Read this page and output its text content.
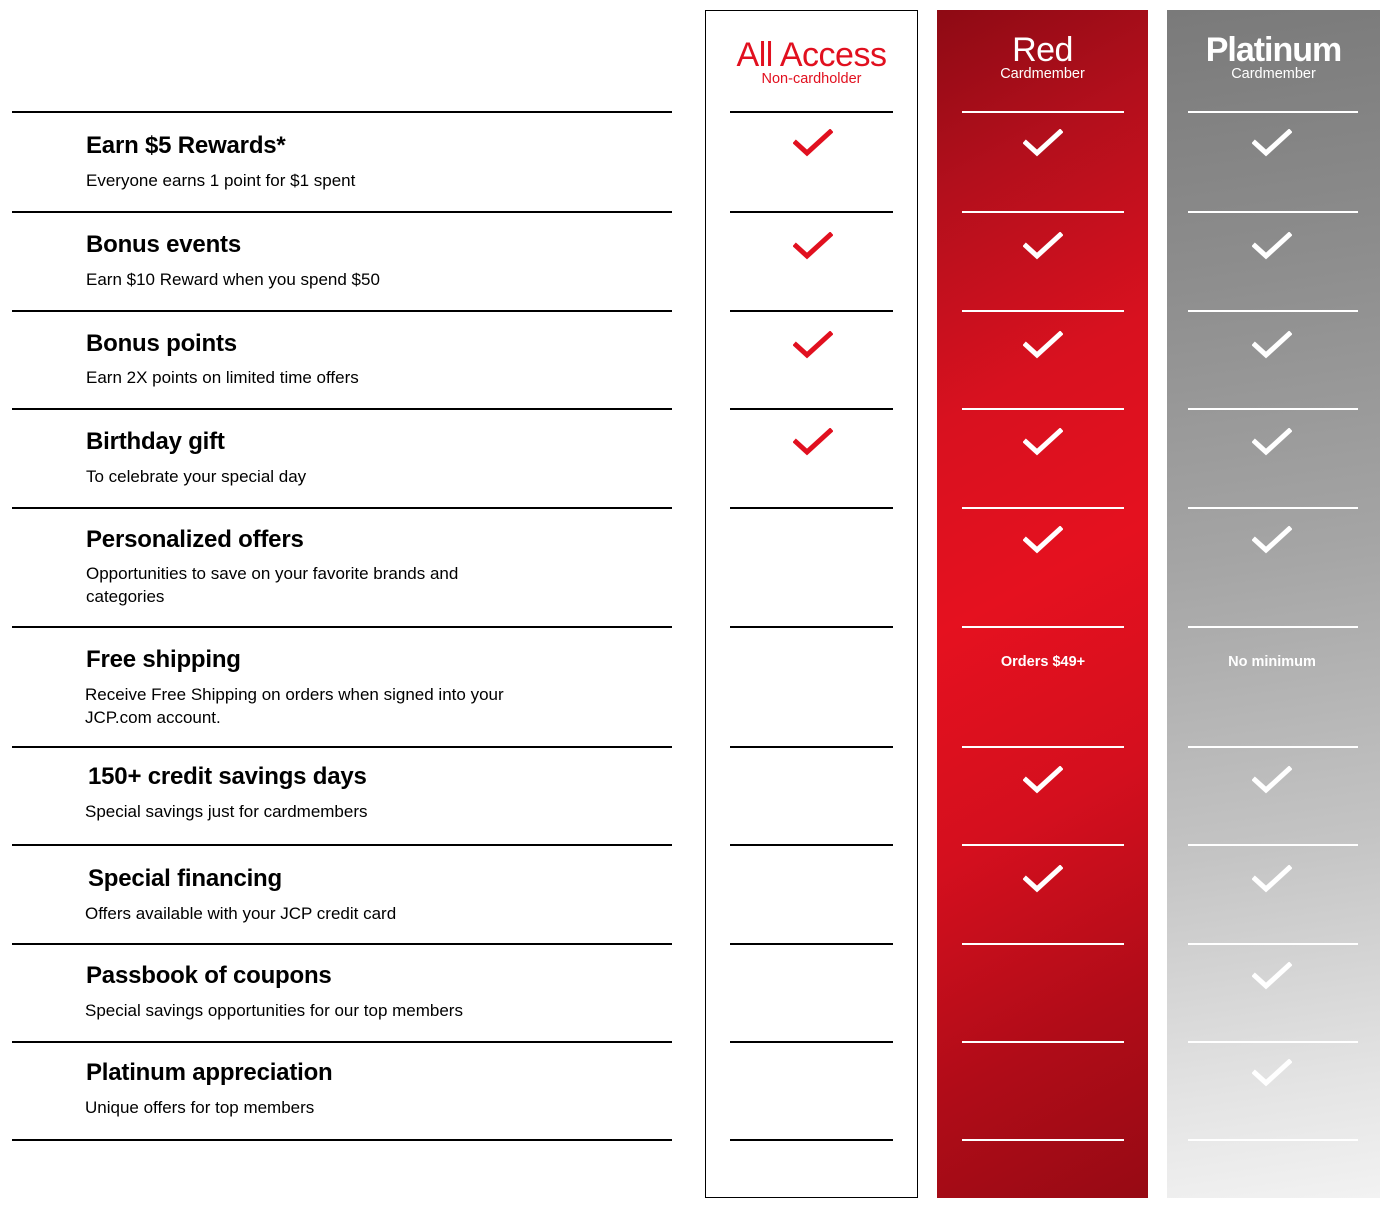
All Access
Non-cardholder
Red
Cardmember
Platinum
Cardmember
Earn $5 Rewards*
Everyone earns 1 point for $1 spent
Bonus events
Earn $10 Reward when you spend $50
Bonus points
Earn 2X points on limited time offers
Birthday gift
To celebrate your special day
Personalized offers
Opportunities to save on your favorite brands and categories
Free shipping
Receive Free Shipping on orders when signed into your JCP.com account.
Orders $49+	No minimum
150+ credit savings days
Special savings just for cardmembers
Special financing
Offers available with your JCP credit card
Passbook of coupons
Special savings opportunities for our top members
Platinum appreciation
Unique offers for top members
